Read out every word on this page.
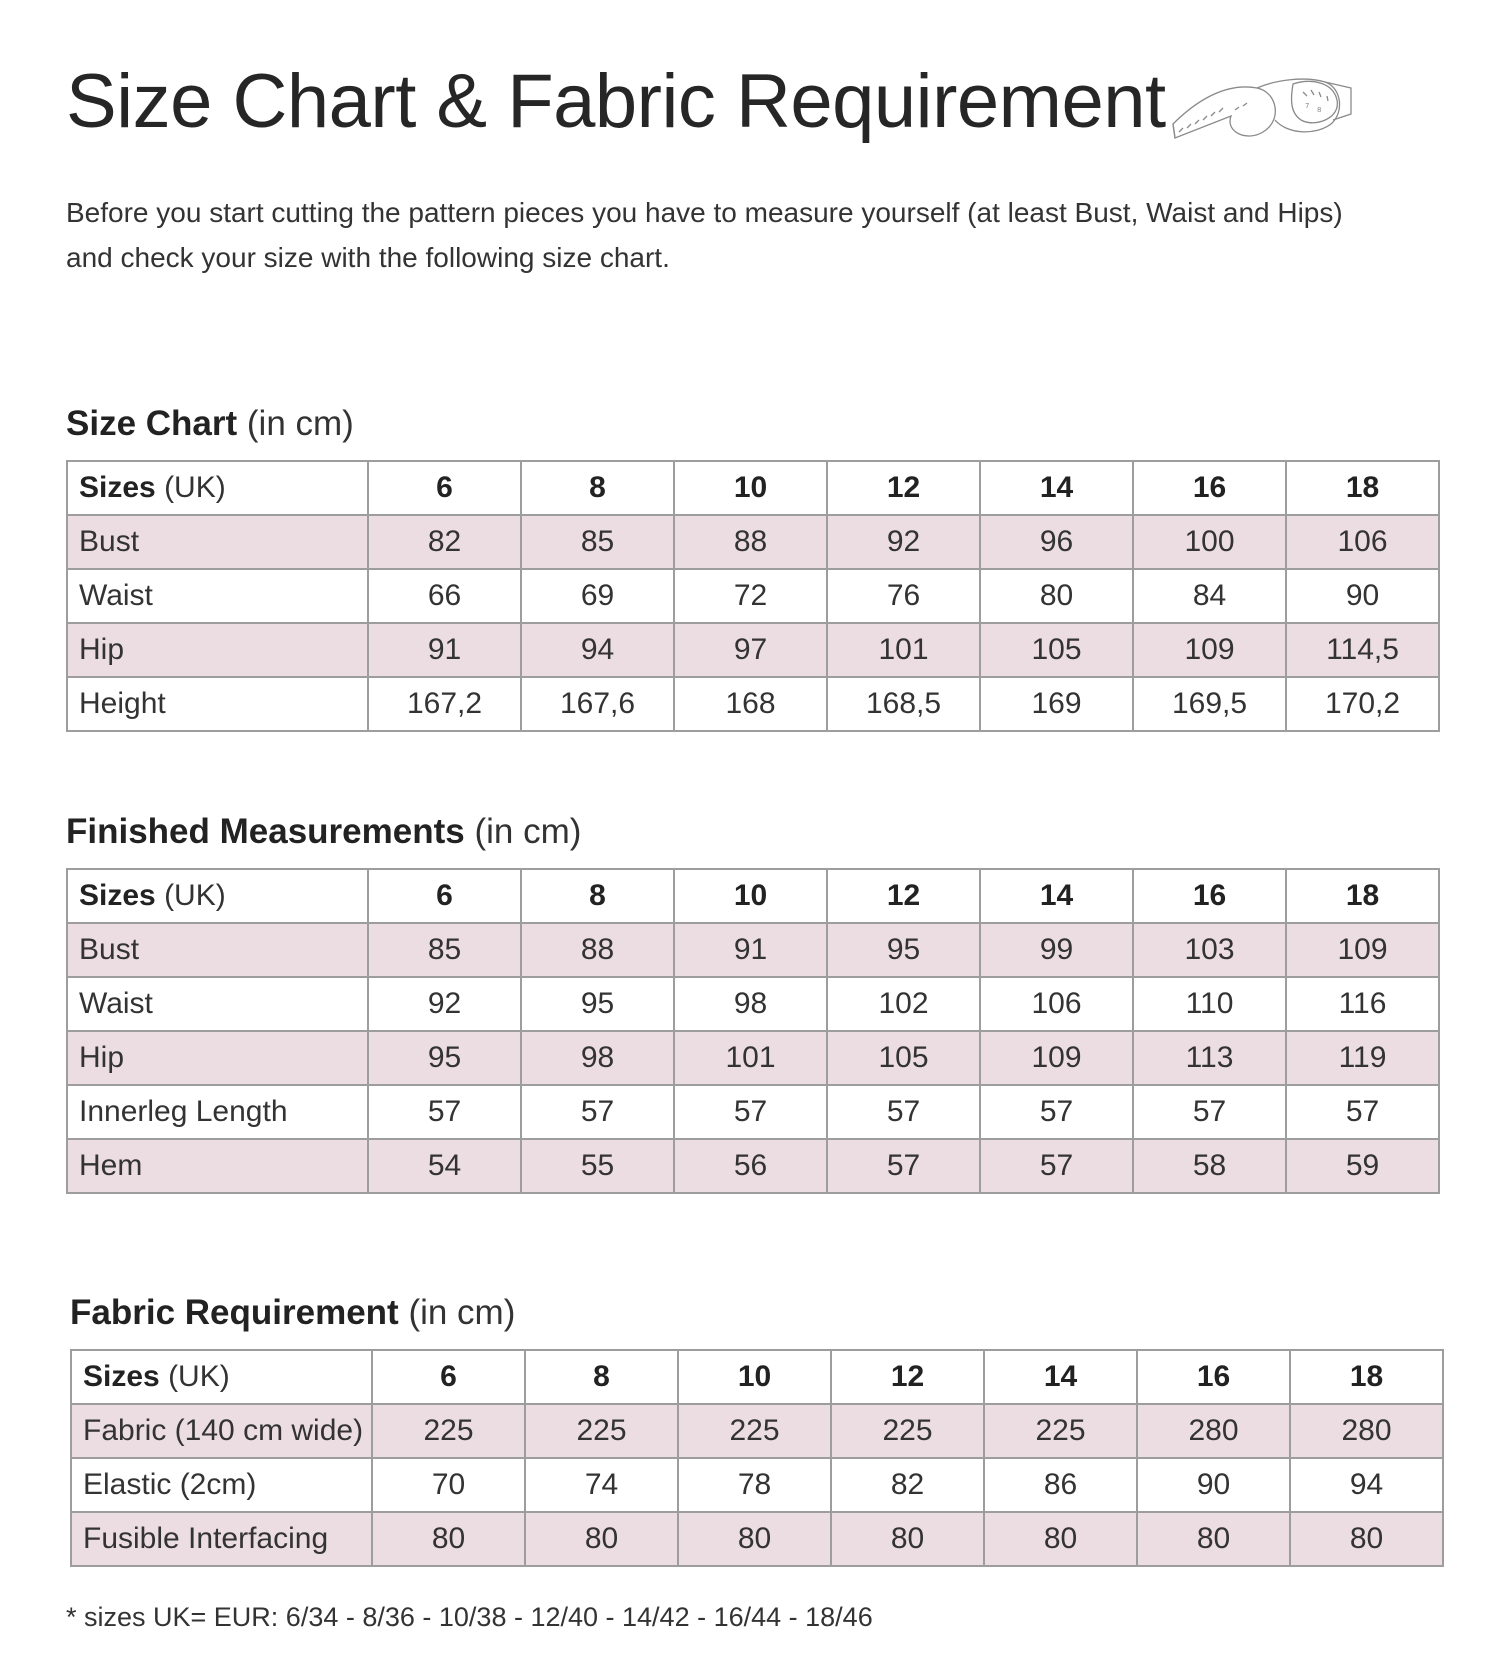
Size Chart & Fabric Requirement	7 8

Before you start cutting the pattern pieces you have to measure yourself (at least Bust, Waist and Hips)
and check your size with the following size chart.

Size Chart (in cm)
Sizes (UK)	6	8	10	12	14	16	18
Bust	82	85	88	92	96	100	106
Waist	66	69	72	76	80	84	90
Hip	91	94	97	101	105	109	114,5
Height	167,2	167,6	168	168,5	169	169,5	170,2
Finished Measurements (in cm)
Sizes (UK)	6	8	10	12	14	16	18
Bust	85	88	91	95	99	103	109
Waist	92	95	98	102	106	110	116
Hip	95	98	101	105	109	113	119
Innerleg Length	57	57	57	57	57	57	57
Hem	54	55	56	57	57	58	59
Fabric Requirement (in cm)
Sizes (UK)	6	8	10	12	14	16	18
Fabric (140 cm wide)	225	225	225	225	225	280	280
Elastic (2cm)	70	74	78	82	86	90	94
Fusible Interfacing	80	80	80	80	80	80	80

* sizes UK= EUR: 6/34 - 8/36 - 10/38 - 12/40 - 14/42 - 16/44 - 18/46
